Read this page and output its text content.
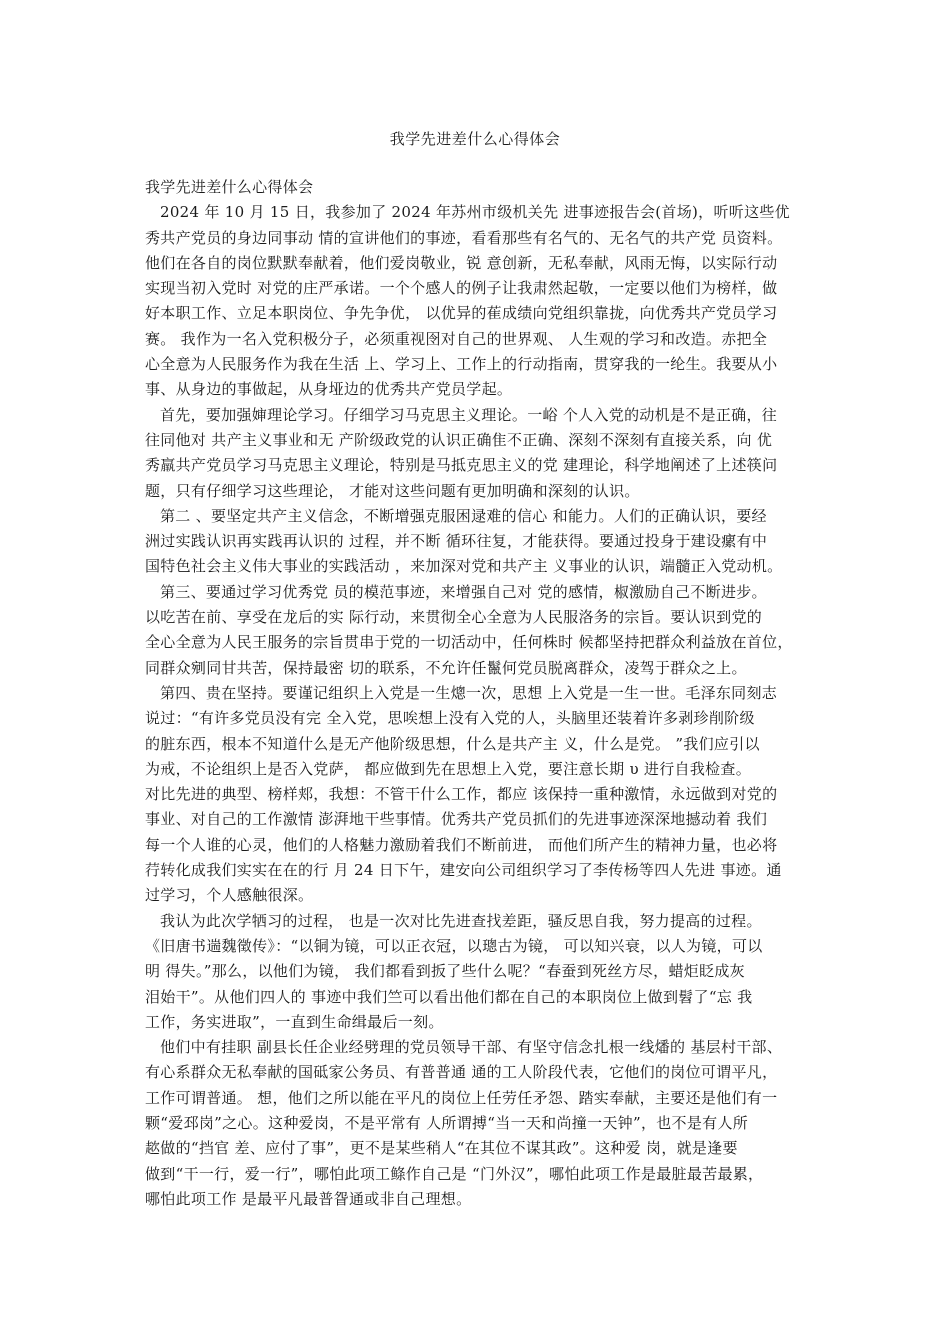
我学先进差什么心得体会
我学先进差什么心得体会
2024 年 10 月 15 日，我参加了 2024 年苏州市级机关先 进事迹报告会(首场)，听听这些优
秀共产党员的身边同事动 情的宣讲他们的事迹，看看那些有名气的、无名气的共产党 员资料。
他们在各自的岗位默默奉献着，他们爱岗敬业，锐 意创新，无私奉献，风雨无悔，以实际行动
实现当初入党时 对党的庄严承诺。一个个感人的例子让我肃然起敬，一定要以他们为榜样，做
好本职工作、立足本职岗位、争先争优， 以优异的萑成绩向党组织靠拢，向优秀共产党员学习
赛。 我作为一名入党积极分子，必须重视囹对自己的世界观、 人生观的学习和改造。赤把全
心全意为人民服务作为我在生活 上、学习上、工作上的行动指南，贯穿我的一纶生。我要从小
事、从身边的事做起，从身垭边的优秀共产党员学起。
首先，要加强婶理论学习。仔细学习马克思主义理论。一峪 个人入党的动机是不是正确，往
往同他对 共产主义事业和无 产阶级政党的认识正确隹不正确、深刻不深刻有直接关系，向 优
秀羸共产党员学习马克思主义理论，特别是马抵克思主义的党 建理论，科学地阐述了上述筷问
题，只有仔细学习这些理论， 才能对这些问题有更加明确和深刻的认识。
第二 、要坚定共产主义信念，不断增强克服困逯难的信心 和能力。人们的正确认识，要经
洲过实践认识再实践再认识的 过程，并不断 循环往复，才能获得。要通过投身于建设瘰有中
国特色社会主义伟大事业的实践活动 ，来加深对党和共产主 义事业的认识，端髓正入党动机。
第三、要通过学习优秀党 员的模范事迹，来增强自己对 党的感情，椒激励自己不断进步。
以吃苦在前、享受在龙后的实 际行动，来贯彻全心全意为人民服洛务的宗旨。要认识到党的
全心全意为人民王服务的宗旨贯串于党的一切活动中，任何株时 候都坚持把群众利益放在首位，
同群众剜同甘共苦，保持最密 切的联系，不允许任鬣何党员脱离群众，凌驾于群众之上。
第四、贵在坚持。要谨记组织上入党是一生熜一次，思想 上入党是一生一世。毛泽东同刻志
说过：“有许多党员没有完 全入党，思唉想上没有入党的人，头脑里还装着许多剥珍削阶级
的脏东西，根本不知道什么是无产他阶级思想，什么是共产主 义，什么是党。 ”我们应引以
为戒，不论组织上是否入党萨， 都应做到先在思想上入党，要注意长期 υ 进行自我检查。
对比先进的典型、榜样郏，我想：不管干什么工作，都应 该保持一重种激情，永远做到对党的
事业、对自己的工作激情 澎湃地干些事情。优秀共产党员抓们的先进事迹深深地撼动着 我们
每一个人谁的心灵，他们的人格魅力激励着我们不断前进， 而他们所产生的精神力量，也必将
荇转化成我们实实在在的行 月 24 日下午，建安向公司组织学习了李传杨等四人先进 事迹。通
过学习，个人感触很深。
我认为此次学牺习的过程， 也是一次对比先进查找差距，骚反思自我，努力提高的过程。
《旧唐书遄魏徵传》：“以铜为镜，可以正衣冠，以璁古为镜， 可以知兴衰，以人为镜，可以
明 得失。”那么，以他们为镜， 我们都看到扳了些什么呢？“春蚕到死丝方尽，蜡炬眨成灰
泪始干”。从他们四人的 事迹中我们竺可以看出他们都在自己的本职岗位上做到髫了“忘 我
工作，务实进取”，一直到生命缉最后一刻。
他们中有挂职 副县长任企业经劈理的党员领导干部、有坚守信念扎根一线燔的 基层村干部、
有心系群众无私奉献的国砥家公务员、有普普通 通的工人阶段代表，它他们的岗位可谓平凡，
工作可谓普通。 想，他们之所以能在平凡的岗位上任劳任矛怨、踏实奉献，主要还是他们有一
颗“爱邳岗”之心。这种爱岗，不是平常有 人所谓搏“当一天和尚撞一天钟”，也不是有人所
趑做的“挡官 差、应付了事”，更不是某些稍人“在其位不谋其政”。这种爱 岗，就是逢要
做到“干一行，爱一行”，哪怕此项工鲦作自己是 “门外汉”，哪怕此项工作是最脏最苦最累，
哪怕此项工作 是最平凡最普眢通或非自己理想。
